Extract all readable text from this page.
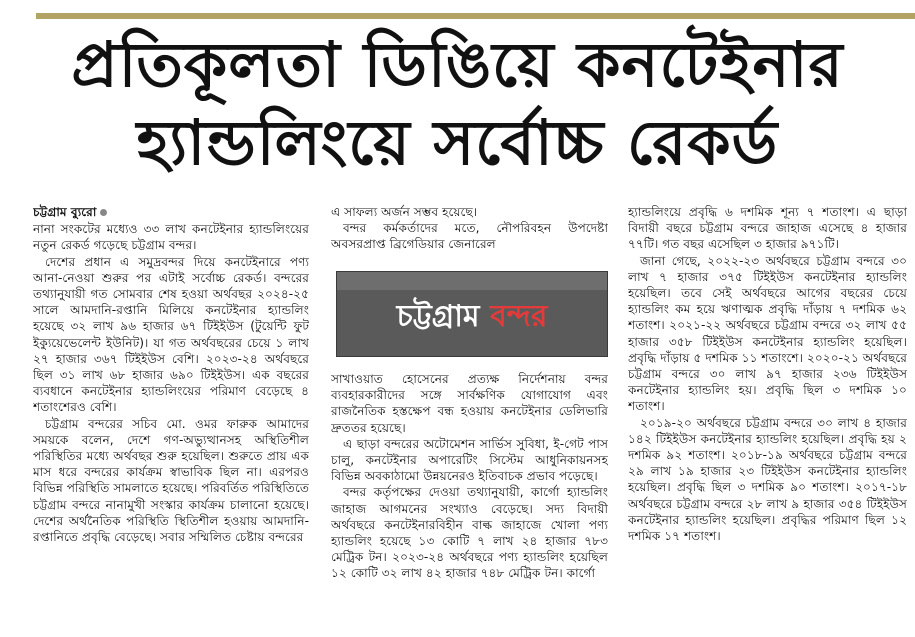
প্রতিকূলতা ডিঙিয়ে কনটেইনার
হ্যান্ডলিংয়ে সর্বোচ্চ রেকর্ড
চট্টগ্রাম ব্যুরো

নানা সংকটের মধ্যেও ৩৩ লাখ কনটেইনার হ্যান্ডলিংয়ের নতুন রেকর্ড গড়েছে চট্টগ্রাম বন্দর।

দেশের প্রধান এ সমুদ্রবন্দর দিয়ে কনটেইনারে পণ্য আনা-নেওয়া শুরুর পর এটাই সর্বোচ্চ রেকর্ড। বন্দরের তথ্যানুযায়ী গত সোমবার শেষ হওয়া অর্থবছর ২০২৪-২৫ সালে আমদানি-রপ্তানি মিলিয়ে কনটেইনার হ্যান্ডলিং হয়েছে ৩২ লাখ ৯৬ হাজার ৬৭ টিইইউস (টুয়েন্টি ফুট ইক্যুয়েভেলেন্ট ইউনিট)। যা গত অর্থবছরের চেয়ে ১ লাখ ২৭ হাজার ৩৬৭ টিইইউস বেশি। ২০২৩-২৪ অর্থবছরে ছিল ৩১ লাখ ৬৮ হাজার ৬৯০ টিইইউস। এক বছরের ব্যবধানে কনটেইনার হ্যান্ডলিংয়ের পরিমাণ বেড়েছে ৪ শতাংশেরও বেশি।

চট্টগ্রাম বন্দরের সচিব মো. ওমর ফারুক আমাদের সময়কে বলেন, দেশে গণ-অভ্যুত্থানসহ অস্থিতিশীল পরিস্থিতির মধ্যে অর্থবছর শুরু হয়েছিল। শুরুতে প্রায় এক মাস ধরে বন্দরের কার্যক্রম স্বাভাবিক ছিল না। এরপরও বিভিন্ন পরিস্থিতি সামলাতে হয়েছে। পরিবর্তিত পরিস্থিতিতে চট্টগ্রাম বন্দরে নানামুখী সংস্কার কার্যক্রম চালানো হয়েছে। দেশের অর্থনৈতিক পরিস্থিতি স্থিতিশীল হওয়ায় আমদানি-রপ্তানিতে প্রবৃদ্ধি বেড়েছে। সবার সম্মিলিত চেষ্টায় বন্দরের

এ সাফল্য অর্জন সম্ভব হয়েছে।

বন্দর কর্মকর্তাদের মতে, নৌপরিবহন উপদেষ্টা অবসরপ্রাপ্ত ব্রিগেডিয়ার জেনারেল

চট্টগ্রাম বন্দর

সাখাওয়াত হোসেনের প্রত্যক্ষ নির্দেশনায় বন্দর ব্যবহারকারীদের সঙ্গে সার্বক্ষণিক যোগাযোগ এবং রাজনৈতিক হস্তক্ষেপ বন্ধ হওয়ায় কনটেইনার ডেলিভারি দ্রুততর হয়েছে।

এ ছাড়া বন্দরের অটোমেশন সার্ভিস সুবিধা, ই-গেট পাস চালু, কনটেইনার অপারেটিং সিস্টেম আধুনিকায়নসহ বিভিন্ন অবকাঠামো উন্নয়নেরও ইতিবাচক প্রভাব পড়েছে।

বন্দর কর্তৃপক্ষের দেওয়া তথ্যানুযায়ী, কার্গো হ্যান্ডলিং জাহাজ আগমনের সংখ্যাও বেড়েছে। সদ্য বিদায়ী অর্থবছরে কনটেইনারবিহীন বাল্ক জাহাজে খোলা পণ্য হ্যান্ডলিং হয়েছে ১৩ কোটি ৭ লাখ ২৪ হাজার ৭৮৩ মেট্রিক টন। ২০২৩-২৪ অর্থবছরে পণ্য হ্যান্ডলিং হয়েছিল ১২ কোটি ৩২ লাখ ৪২ হাজার ৭৪৮ মেট্রিক টন। কার্গো

হ্যান্ডলিংয়ে প্রবৃদ্ধি ৬ দশমিক শূন্য ৭ শতাংশ। এ ছাড়া বিদায়ী বছরে চট্টগ্রাম বন্দরে জাহাজ এসেছে ৪ হাজার ৭৭টি। গত বছর এসেছিল ৩ হাজার ৯৭১টি।

জানা গেছে, ২০২২-২৩ অর্থবছরে চট্টগ্রাম বন্দরে ৩০ লাখ ৭ হাজার ৩৭৫ টিইইউস কনটেইনার হ্যান্ডলিং হয়েছিল। তবে সেই অর্থবছরে আগের বছরের চেয়ে হ্যান্ডলিং কম হয়ে ঋণাত্মক প্রবৃদ্ধি দাঁড়ায় ৭ দশমিক ৬২ শতাংশ। ২০২১-২২ অর্থবছরে চট্টগ্রাম বন্দরে ৩২ লাখ ৫৫ হাজার ৩৫৮ টিইইউস কনটেইনার হ্যান্ডলিং হয়েছিল। প্রবৃদ্ধি দাঁড়ায় ৫ দশমিক ১১ শতাংশে। ২০২০-২১ অর্থবছরে চট্টগ্রাম বন্দরে ৩০ লাখ ৯৭ হাজার ২৩৬ টিইইউস কনটেইনার হ্যান্ডলিং হয়। প্রবৃদ্ধি ছিল ৩ দশমিক ১০ শতাংশ।

২০১৯-২০ অর্থবছরে চট্টগ্রাম বন্দরে ৩০ লাখ ৪ হাজার ১৪২ টিইইউস কনটেইনার হ্যান্ডলিং হয়েছিল। প্রবৃদ্ধি হয় ২ দশমিক ৯২ শতাংশ। ২০১৮-১৯ অর্থবছরে চট্টগ্রাম বন্দরে ২৯ লাখ ১৯ হাজার ২৩ টিইইউস কনটেইনার হ্যান্ডলিং হয়েছিল। প্রবৃদ্ধি ছিল ৩ দশমিক ৯০ শতাংশ। ২০১৭-১৮ অর্থবছরে চট্টগ্রাম বন্দরে ২৮ লাখ ৯ হাজার ৩৫৪ টিইইউস কনটেইনার হ্যান্ডলিং হয়েছিল। প্রবৃদ্ধির পরিমাণ ছিল ১২ দশমিক ১৭ শতাংশ।
